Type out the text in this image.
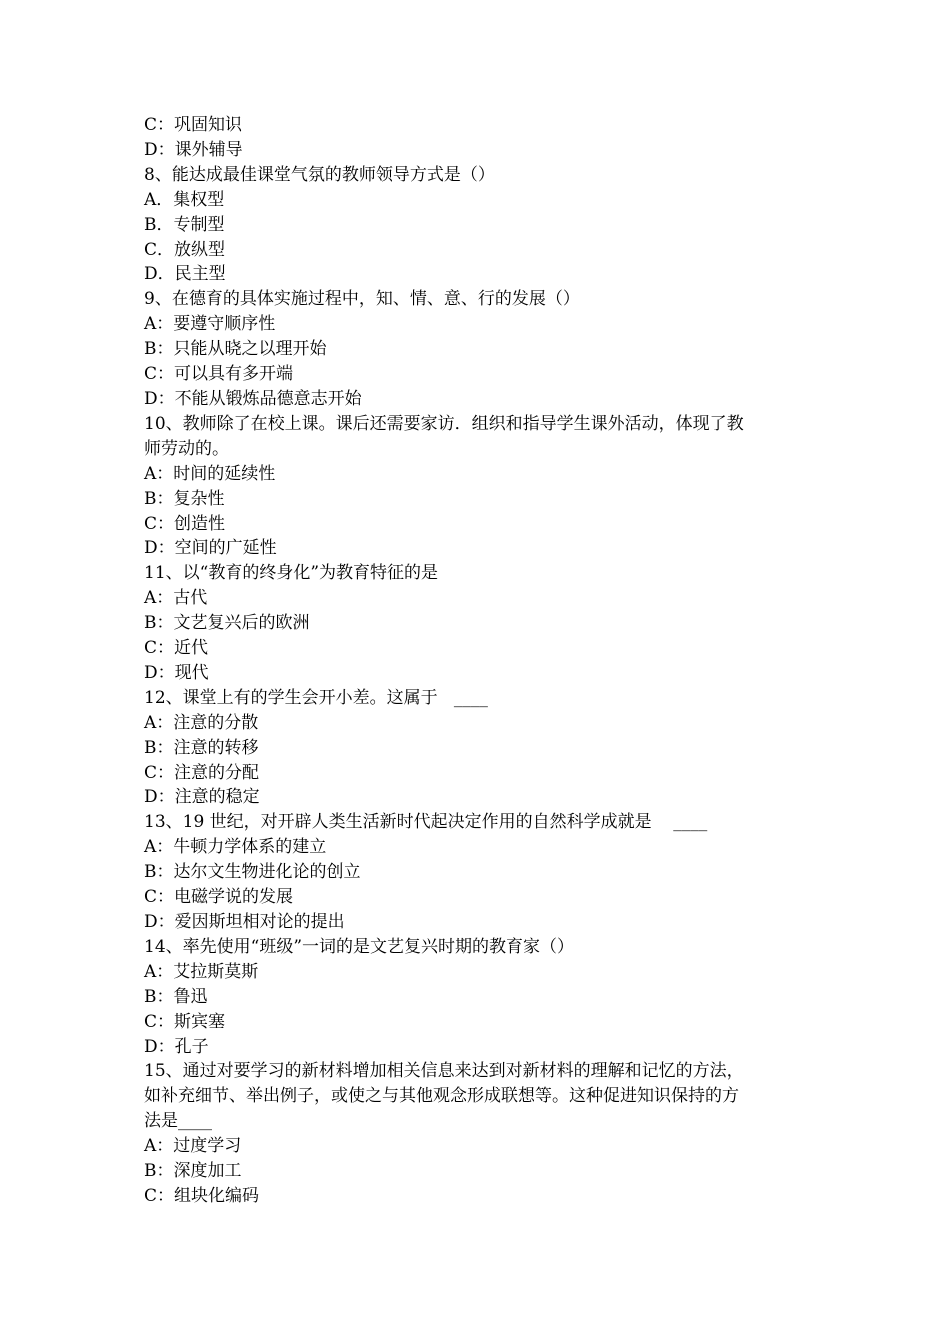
C：巩固知识
D：课外辅导
8、能达成最佳课堂气氛的教师领导方式是（）
A．集权型
B．专制型
C．放纵型
D．民主型
9、在德育的具体实施过程中，知、情、意、行的发展（）
A：要遵守顺序性
B：只能从晓之以理开始
C：可以具有多开端
D：不能从锻炼品德意志开始
10、教师除了在校上课。课后还需要家访．组织和指导学生课外活动，体现了教
师劳动的。
A：时间的延续性
B：复杂性
C：创造性
D：空间的广延性
11、以“教育的终身化”为教育特征的是
A：古代
B：文艺复兴后的欧洲
C：近代
D：现代
12、课堂上有的学生会开小差。这属于   ____
A：注意的分散
B：注意的转移
C：注意的分配
D：注意的稳定
13、19 世纪，对开辟人类生活新时代起决定作用的自然科学成就是    ____
A：牛顿力学体系的建立
B：达尔文生物进化论的创立
C：电磁学说的发展
D：爱因斯坦相对论的提出
14、率先使用“班级”一词的是文艺复兴时期的教育家（）
A：艾拉斯莫斯
B：鲁迅
C：斯宾塞
D：孔子
15、通过对要学习的新材料增加相关信息来达到对新材料的理解和记忆的方法，
如补充细节、举出例子，或使之与其他观念形成联想等。这种促进知识保持的方
法是____
A：过度学习
B：深度加工
C：组块化编码
